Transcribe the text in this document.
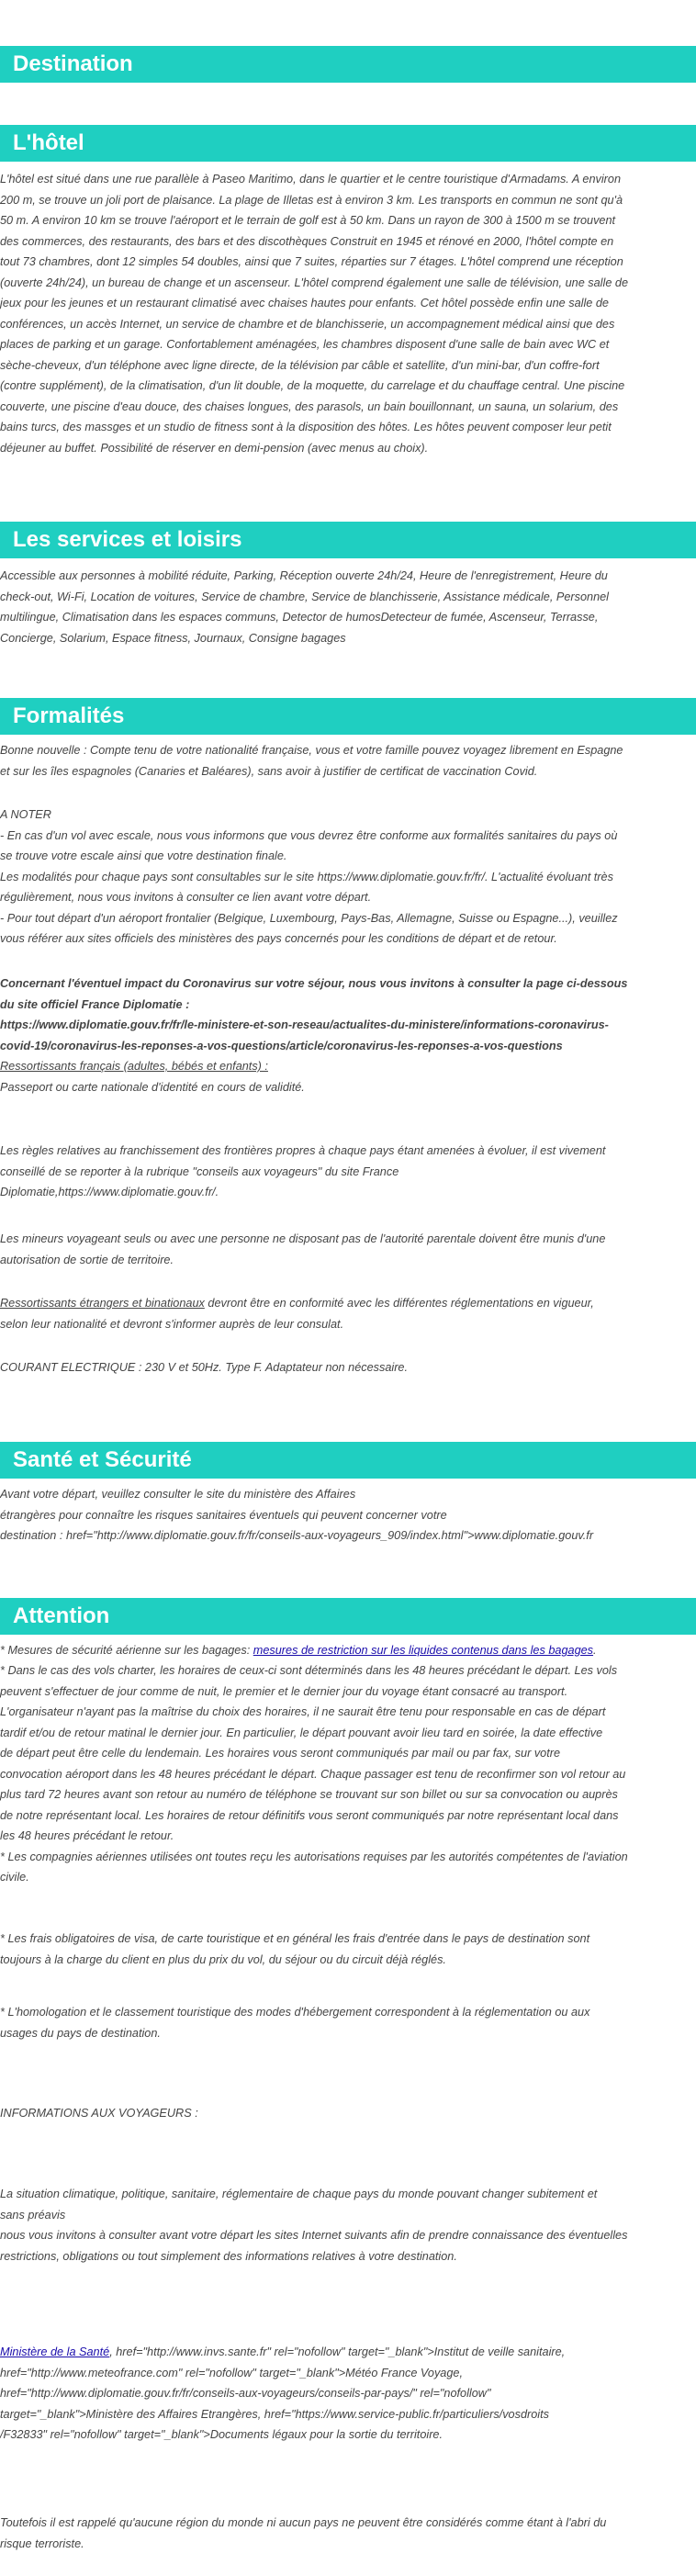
Destination
L'hôtel
Les services et loisirs
Formalités
Santé et Sécurité
Attention
L'hôtel est situé dans une rue parallèle à Paseo Maritimo, dans le quartier et le centre touristique d'Armadams. A environ
200 m, se trouve un joli port de plaisance. La plage de Illetas est à environ 3 km. Les transports en commun ne sont qu'à
50 m. A environ 10 km se trouve l'aéroport et le terrain de golf est à 50 km. Dans un rayon de 300 à 1500 m se trouvent
des commerces, des restaurants, des bars et des discothèques Construit en 1945 et rénové en 2000, l'hôtel compte en
tout 73 chambres, dont 12 simples 54 doubles, ainsi que 7 suites, réparties sur 7 étages. L'hôtel comprend une réception
(ouverte 24h/24), un bureau de change et un ascenseur. L'hôtel comprend également une salle de télévision, une salle de
jeux pour les jeunes et un restaurant climatisé avec chaises hautes pour enfants. Cet hôtel possède enfin une salle de
conférences, un accès Internet, un service de chambre et de blanchisserie, un accompagnement médical ainsi que des
places de parking et un garage. Confortablement aménagées, les chambres disposent d'une salle de bain avec WC et
sèche-cheveux, d'un téléphone avec ligne directe, de la télévision par câble et satellite, d'un mini-bar, d'un coffre-fort
(contre supplément), de la climatisation, d'un lit double, de la moquette, du carrelage et du chauffage central. Une piscine
couverte, une piscine d'eau douce, des chaises longues, des parasols, un bain bouillonnant, un sauna, un solarium, des
bains turcs, des massges et un studio de fitness sont à la disposition des hôtes. Les hôtes peuvent composer leur petit
déjeuner au buffet. Possibilité de réserver en demi-pension (avec menus au choix).
Accessible aux personnes à mobilité réduite, Parking, Réception ouverte 24h/24, Heure de l'enregistrement, Heure du
check-out, Wi-Fi, Location de voitures, Service de chambre, Service de blanchisserie, Assistance médicale, Personnel
multilingue, Climatisation dans les espaces communs, Detector de humosDetecteur de fumée, Ascenseur, Terrasse,
Concierge, Solarium, Espace fitness, Journaux, Consigne bagages
Bonne nouvelle : Compte tenu de votre nationalité française, vous et votre famille pouvez voyagez librement en Espagne
et sur les îles espagnoles (Canaries et Baléares), sans avoir à justifier de certificat de vaccination Covid.
A NOTER
- En cas d'un vol avec escale, nous vous informons que vous devrez être conforme aux formalités sanitaires du pays où
se trouve votre escale ainsi que votre destination finale.
Les modalités pour chaque pays sont consultables sur le site https://www.diplomatie.gouv.fr/fr/. L'actualité évoluant très
régulièrement, nous vous invitons à consulter ce lien avant votre départ.
- Pour tout départ d'un aéroport frontalier (Belgique, Luxembourg, Pays-Bas, Allemagne, Suisse ou Espagne...), veuillez
vous référer aux sites officiels des ministères des pays concernés pour les conditions de départ et de retour.
Concernant l'éventuel impact du Coronavirus sur votre séjour, nous vous invitons à consulter la page ci-dessous
du site officiel France Diplomatie :
https://www.diplomatie.gouv.fr/fr/le-ministere-et-son-reseau/actualites-du-ministere/informations-coronavirus-
covid-19/coronavirus-les-reponses-a-vos-questions/article/coronavirus-les-reponses-a-vos-questions
Ressortissants français (adultes, bébés et enfants) :
Passeport ou carte nationale d'identité en cours de validité.
Les règles relatives au franchissement des frontières propres à chaque pays étant amenées à évoluer, il est vivement
conseillé de se reporter à la rubrique "conseils aux voyageurs" du site France
Diplomatie,https://www.diplomatie.gouv.fr/.
Les mineurs voyageant seuls ou avec une personne ne disposant pas de l'autorité parentale doivent être munis d'une
autorisation de sortie de territoire.
Ressortissants étrangers et binationaux devront être en conformité avec les différentes réglementations en vigueur,
selon leur nationalité et devront s'informer auprès de leur consulat.
COURANT ELECTRIQUE : 230 V et 50Hz. Type F. Adaptateur non nécessaire.
Avant votre départ, veuillez consulter le site du ministère des Affaires
étrangères pour connaître les risques sanitaires éventuels qui peuvent concerner votre
destination : href="http://www.diplomatie.gouv.fr/fr/conseils-aux-voyageurs_909/index.html">www.diplomatie.gouv.fr
* Mesures de sécurité aérienne sur les bagages: mesures de restriction sur les liquides contenus dans les bagages.
* Dans le cas des vols charter, les horaires de ceux-ci sont déterminés dans les 48 heures précédant le départ. Les vols
peuvent s'effectuer de jour comme de nuit, le premier et le dernier jour du voyage étant consacré au transport.
L'organisateur n'ayant pas la maîtrise du choix des horaires, il ne saurait être tenu pour responsable en cas de départ
tardif et/ou de retour matinal le dernier jour. En particulier, le départ pouvant avoir lieu tard en soirée, la date effective
de départ peut être celle du lendemain. Les horaires vous seront communiqués par mail ou par fax, sur votre
convocation aéroport dans les 48 heures précédant le départ. Chaque passager est tenu de reconfirmer son vol retour au
plus tard 72 heures avant son retour au numéro de téléphone se trouvant sur son billet ou sur sa convocation ou auprès
de notre représentant local. Les horaires de retour définitifs vous seront communiqués par notre représentant local dans
les 48 heures précédant le retour.
* Les compagnies aériennes utilisées ont toutes reçu les autorisations requises par les autorités compétentes de l'aviation
civile.
* Les frais obligatoires de visa, de carte touristique et en général les frais d'entrée dans le pays de destination sont
toujours à la charge du client en plus du prix du vol, du séjour ou du circuit déjà réglés.
* L'homologation et le classement touristique des modes d'hébergement correspondent à la réglementation ou aux
usages du pays de destination.
INFORMATIONS AUX VOYAGEURS :
La situation climatique, politique, sanitaire, réglementaire de chaque pays du monde pouvant changer subitement et
sans préavis
nous vous invitons à consulter avant votre départ les sites Internet suivants afin de prendre connaissance des éventuelles
restrictions, obligations ou tout simplement des informations relatives à votre destination.
Ministère de la Santé, href="http://www.invs.sante.fr" rel="nofollow" target="_blank">Institut de veille sanitaire,
href="http://www.meteofrance.com" rel="nofollow" target="_blank">Météo France Voyage,
href="http://www.diplomatie.gouv.fr/fr/conseils-aux-voyageurs/conseils-par-pays/" rel="nofollow"
target="_blank">Ministère des Affaires Etrangères, href="https://www.service-public.fr/particuliers/vosdroits
/F32833" rel="nofollow" target="_blank">Documents légaux pour la sortie du territoire.
Toutefois il est rappelé qu'aucune région du monde ni aucun pays ne peuvent être considérés comme étant à l'abri du
risque terroriste.
